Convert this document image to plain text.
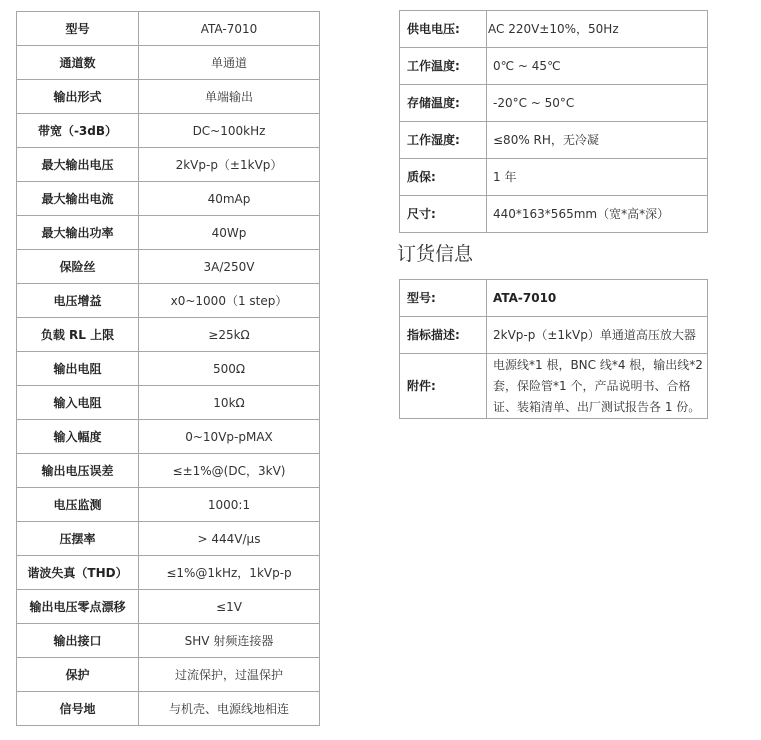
型号	ATA-7010
通道数	单通道
输出形式	单端输出
带宽（-3dB）	DC~100kHz
最大输出电压	2kVp-p（±1kVp）
最大输出电流	40mAp
最大输出功率	40Wp
保险丝	3A/250V
电压增益	x0~1000（1 step）
负载 RL 上限	≥25kΩ
输出电阻	500Ω
输入电阻	10kΩ
输入幅度	0~10Vp-pMAX
输出电压误差	≤±1%@(DC，3kV)
电压监测	1000:1
压摆率	> 444V/μs
谐波失真（THD）	≤1%@1kHz，1kVp-p
输出电压零点漂移	≤1V
输出接口	SHV 射频连接器
保护	过流保护，过温保护
信号地	与机壳、电源线地相连
供电电压:	AC 220V±10%，50Hz
工作温度:	0℃ ~ 45℃
存储温度:	-20°C ~ 50°C
工作湿度:	≤80% RH，无冷凝
质保:	1 年
尺寸:	440*163*565mm（宽*高*深）
订货信息
型号:	ATA-7010
指标描述:	2kVp-p（±1kVp）单通道高压放大器
附件:	电源线*1 根，BNC 线*4 根，输出线*2 套，保险管*1 个，产品说明书、合格证、装箱清单、出厂测试报告各 1 份。
